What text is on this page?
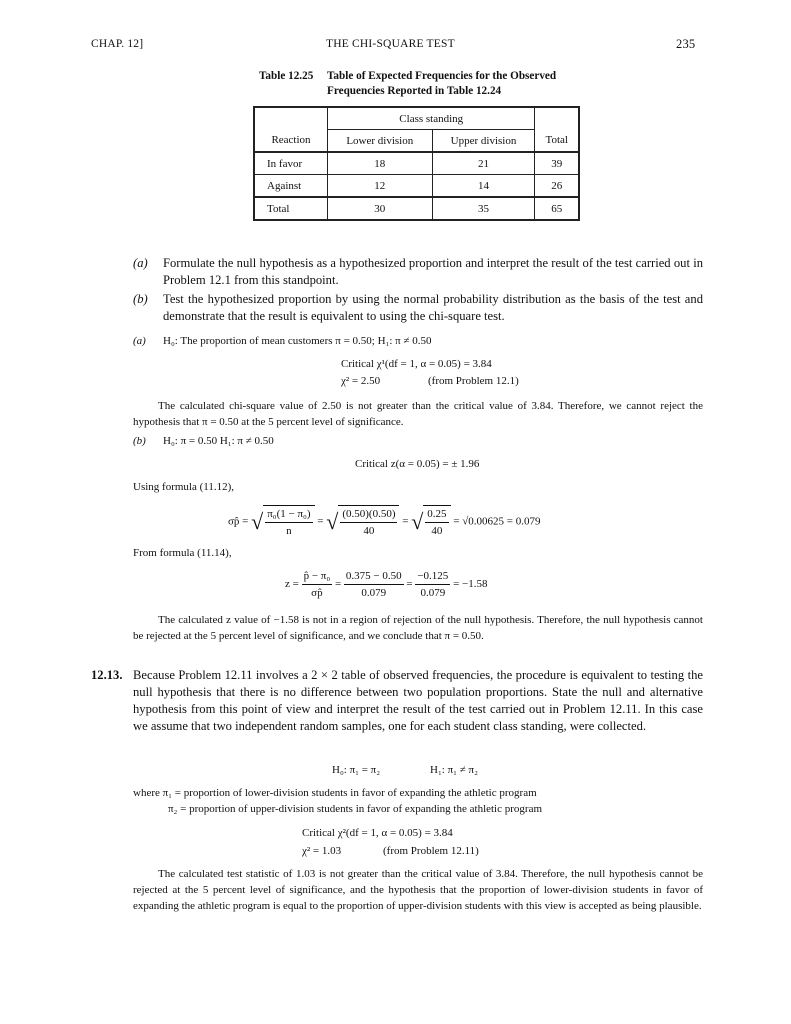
CHAP. 12]	THE CHI-SQUARE TEST	235
Table 12.25 Table of Expected Frequencies for the Observed
Frequencies Reported in Table 12.24
	Class standing		
Reaction	Lower division	Upper division	Total
In favor	18	21	39
Against	12	14	26
Total	30	35	65
(a) Formulate the null hypothesis as a hypothesized proportion and interpret the result of the test carried out in Problem 12.1 from this standpoint.
(b) Test the hypothesized proportion by using the normal probability distribution as the basis of the test and demonstrate that the result is equivalent to using the chi-square test.
(a) H₀: The proportion of mean customers π = 0.50; H₁: π ≠ 0.50
Critical χ¹(df = 1, α = 0.05) = 3.84
χ² = 2.50	(from Problem 12.1)
The calculated chi-square value of 2.50 is not greater than the critical value of 3.84. Therefore, we cannot reject the hypothesis that π = 0.50 at the 5 percent level of significance.
(b) H₀: π = 0.50 H₁: π ≠ 0.50
Critical z(α = 0.05) = ± 1.96
Using formula (11.12),
σp̂ = √ $\frac{\text{π₀(1 − π₀)}}{n}$ = √ $\frac{(0.50)(0.50)}{40}$ = √ $\frac{0.25}{40} = √0.00625 = 0.079$
From formula (11.14),
$z = \frac{\text{p̂ − π₀}}{\sigma p̂} = \frac{0.375 - 0.50}{0.079} = \frac{-0.125}{0.079} = -1.58$
The calculated z value of −1.58 is not in a region of rejection of the null hypothesis. Therefore, the null hypothesis cannot be rejected at the 5 percent level of significance, and we conclude that π = 0.50.
12.13. Because Problem 12.11 involves a 2 × 2 table of observed frequencies, the procedure is equivalent to testing the null hypothesis that there is no difference between two population proportions. State the null and alternative hypothesis from this point of view and interpret the result of the test carried out in Problem 12.11. In this case we assume that two independent random samples, one for each student class standing, were collected.
H₀: π₁ = π₂	H₁: π₁ ≠ π₂
where π₁ = proportion of lower-division students in favor of expanding the athletic program
π₂ = proportion of upper-division students in favor of expanding the athletic program
Critical χ²(df = 1, α = 0.05) = 3.84
χ² = 1.03	(from Problem 12.11)
The calculated test statistic of 1.03 is not greater than the critical value of 3.84. Therefore, the null hypothesis cannot be rejected at the 5 percent level of significance, and the hypothesis that the proportion of lower-division students in favor of expanding the athletic program is equal to the proportion of upper-division students with this view is accepted as being plausible.
